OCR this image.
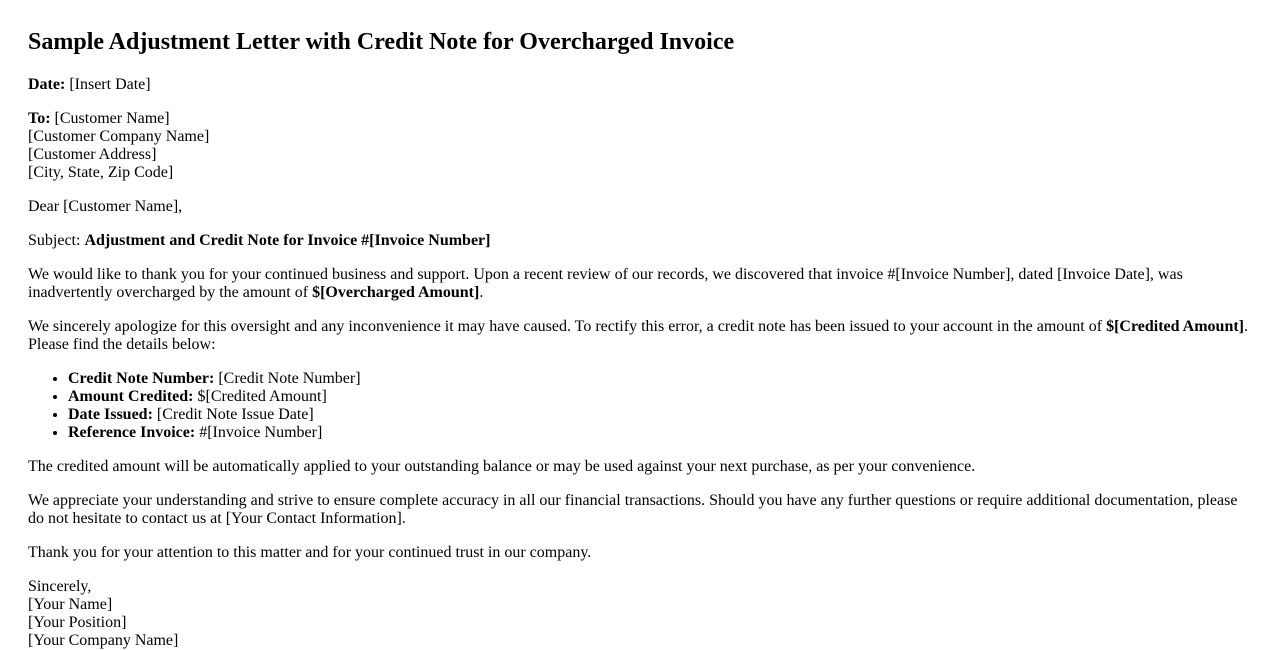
Sample Adjustment Letter with Credit Note for Overcharged Invoice

Date: [Insert Date]

To: [Customer Name]
[Customer Company Name]
[Customer Address]
[City, State, Zip Code]

Dear [Customer Name],

Subject: Adjustment and Credit Note for Invoice #[Invoice Number]

We would like to thank you for your continued business and support. Upon a recent review of our records, we discovered that invoice #[Invoice Number], dated [Invoice Date], was inadvertently overcharged by the amount of $[Overcharged Amount].

We sincerely apologize for this oversight and any inconvenience it may have caused. To rectify this error, a credit note has been issued to your account in the amount of $[Credited Amount]. Please find the details below:

• Credit Note Number: [Credit Note Number]
• Amount Credited: $[Credited Amount]
• Date Issued: [Credit Note Issue Date]
• Reference Invoice: #[Invoice Number]

The credited amount will be automatically applied to your outstanding balance or may be used against your next purchase, as per your convenience.

We appreciate your understanding and strive to ensure complete accuracy in all our financial transactions. Should you have any further questions or require additional documentation, please do not hesitate to contact us at [Your Contact Information].

Thank you for your attention to this matter and for your continued trust in our company.

Sincerely,
[Your Name]
[Your Position]
[Your Company Name]
